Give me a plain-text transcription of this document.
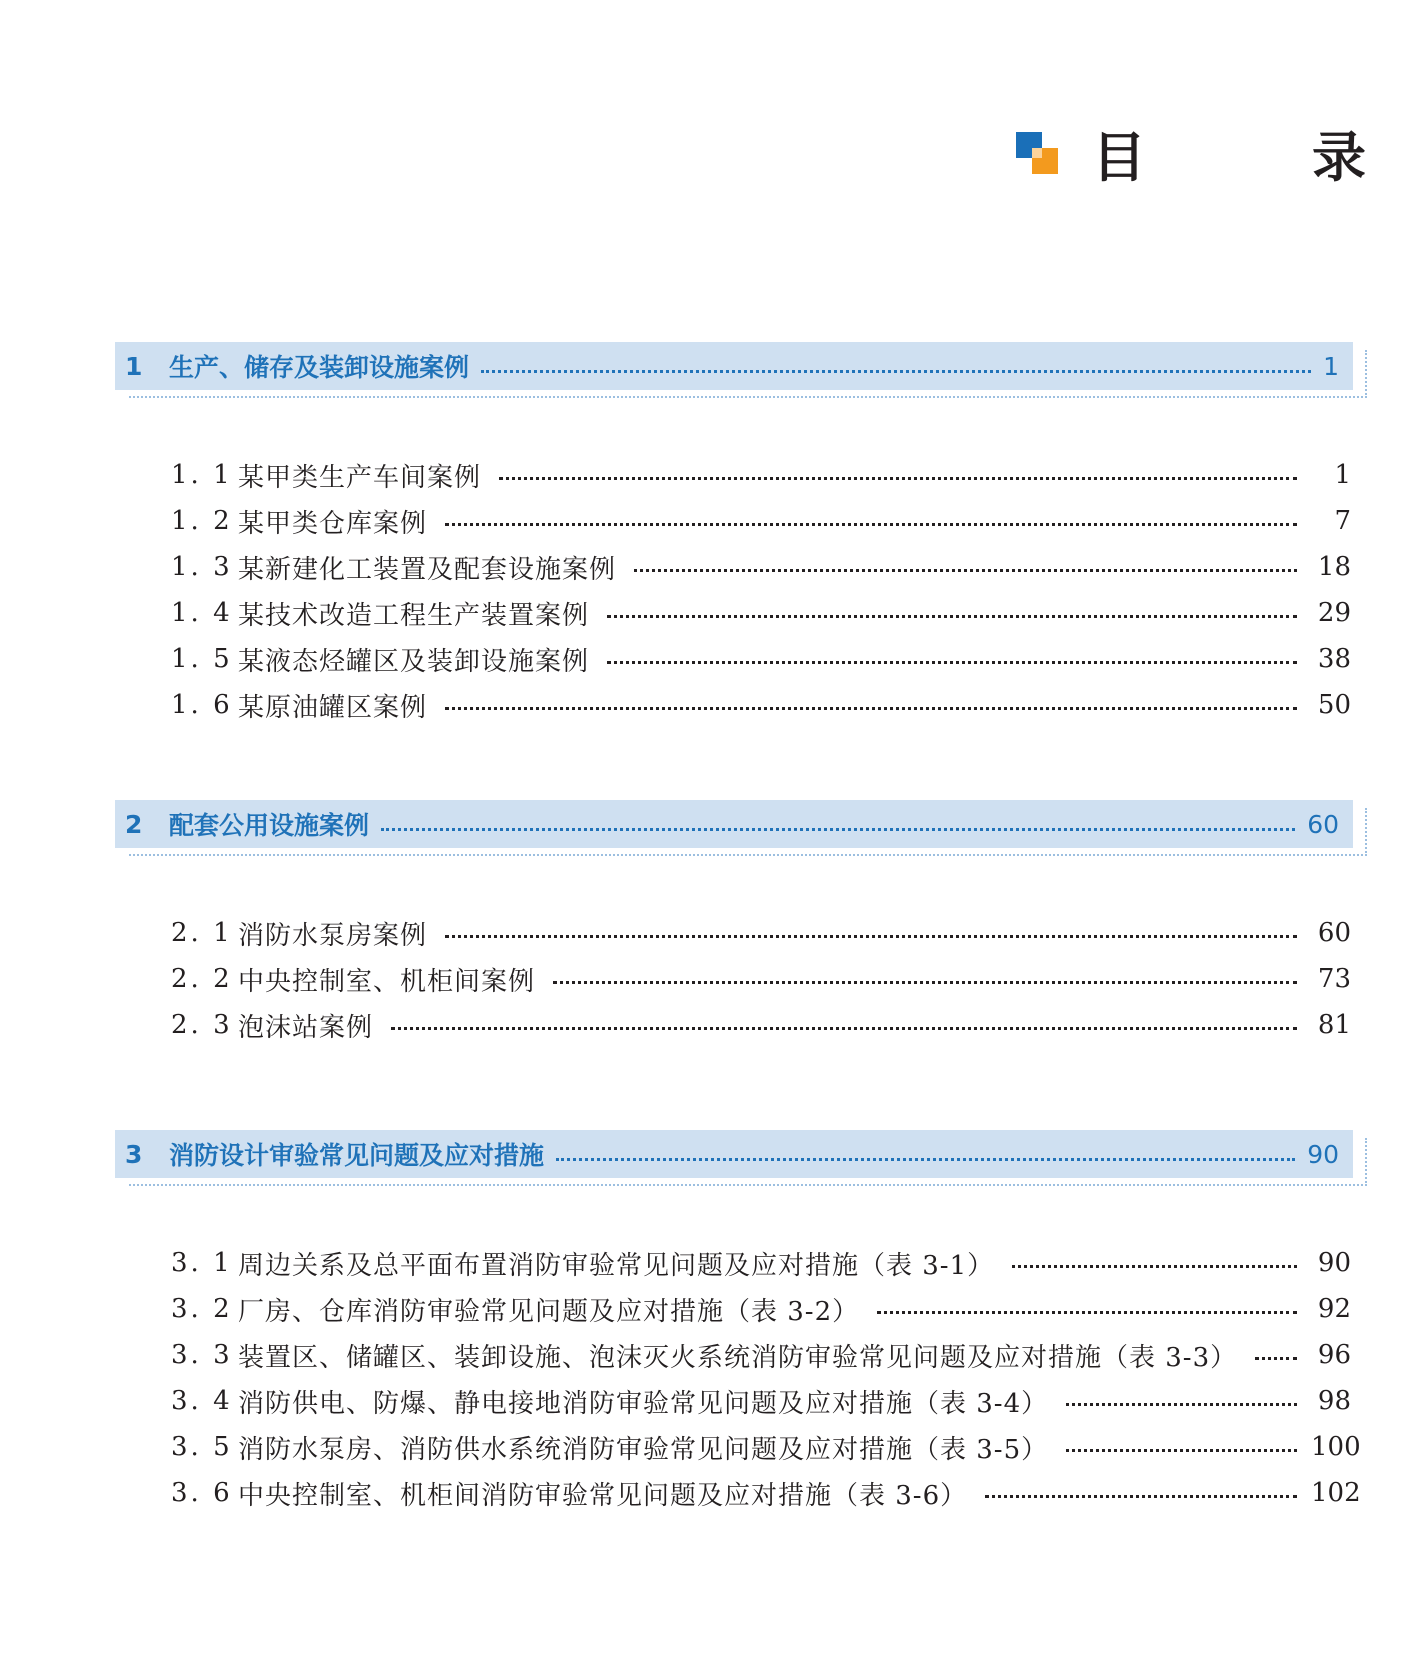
目　录
1	生产、储存及装卸设施案例	1
1. 1 某甲类生产车间案例	1
1. 2 某甲类仓库案例	7
1. 3 某新建化工装置及配套设施案例	18
1. 4 某技术改造工程生产装置案例	29
1. 5 某液态烃罐区及装卸设施案例	38
1. 6 某原油罐区案例	50
2	配套公用设施案例	60
2. 1 消防水泵房案例	60
2. 2 中央控制室、机柜间案例	73
2. 3 泡沫站案例	81
3	消防设计审验常见问题及应对措施	90
3. 1 周边关系及总平面布置消防审验常见问题及应对措施（表 3-1）	90
3. 2 厂房、仓库消防审验常见问题及应对措施（表 3-2）	92
3. 3 装置区、储罐区、装卸设施、泡沫灭火系统消防审验常见问题及应对措施（表 3-3）	96
3. 4 消防供电、防爆、静电接地消防审验常见问题及应对措施（表 3-4）	98
3. 5 消防水泵房、消防供水系统消防审验常见问题及应对措施（表 3-5）	100
3. 6 中央控制室、机柜间消防审验常见问题及应对措施（表 3-6）	102
